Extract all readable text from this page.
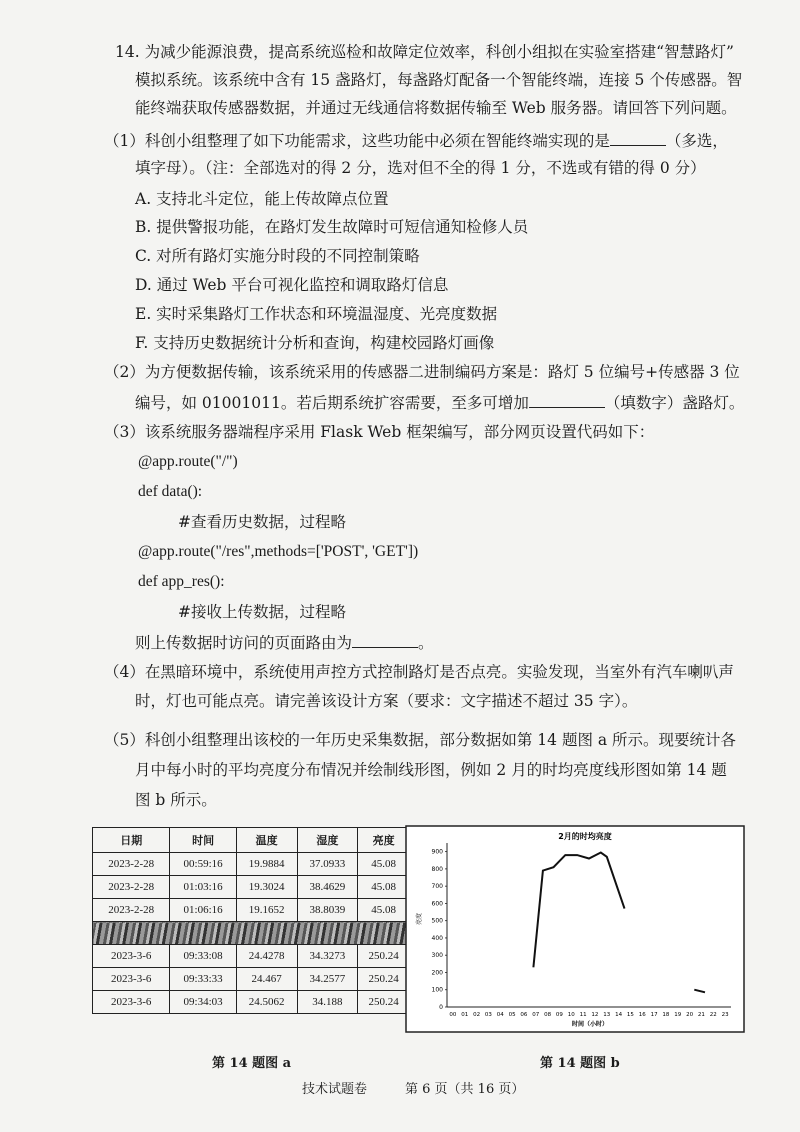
14. 为减少能源浪费，提高系统巡检和故障定位效率，科创小组拟在实验室搭建“智慧路灯”
模拟系统。该系统中含有 15 盏路灯，每盏路灯配备一个智能终端，连接 5 个传感器。智
能终端获取传感器数据，并通过无线通信将数据传输至 Web 服务器。请回答下列问题。
（1）科创小组整理了如下功能需求，这些功能中必须在智能终端实现的是	（多选，
填字母）。（注：全部选对的得 2 分，选对但不全的得 1 分，不选或有错的得 0 分）
A. 支持北斗定位，能上传故障点位置
B. 提供警报功能，在路灯发生故障时可短信通知检修人员
C. 对所有路灯实施分时段的不同控制策略
D. 通过 Web 平台可视化监控和调取路灯信息
E. 实时采集路灯工作状态和环境温湿度、光亮度数据
F. 支持历史数据统计分析和查询，构建校园路灯画像
（2）为方便数据传输，该系统采用的传感器二进制编码方案是：路灯 5 位编号+传感器 3 位
编号，如 01001011。若后期系统扩容需要，至多可增加	（填数字）盏路灯。
（3）该系统服务器端程序采用 Flask Web 框架编写，部分网页设置代码如下：
@app.route("/")
def data():
#查看历史数据，过程略
@app.route("/res",methods=['POST', 'GET'])
def app_res():
#接收上传数据，过程略
则上传数据时访问的页面路由为	。
（4）在黑暗环境中，系统使用声控方式控制路灯是否点亮。实验发现，当室外有汽车喇叭声
时，灯也可能点亮。请完善该设计方案（要求：文字描述不超过 35 字）。
（5）科创小组整理出该校的一年历史采集数据，部分数据如第 14 题图 a 所示。现要统计各
月中每小时的平均亮度分布情况并绘制线形图，例如 2 月的时均亮度线形图如第 14 题
图 b 所示。
日期	时间	温度	湿度	亮度
2023-2-28	00:59:16	19.9884	37.0933	45.08
2023-2-28	01:03:16	19.3024	38.4629	45.08
2023-2-28	01:06:16	19.1652	38.8039	45.08

2023-3-6	09:33:08	24.4278	34.3273	250.24
2023-3-6	09:33:33	24.467	34.2577	250.24
2023-3-6	09:34:03	24.5062	34.188	250.24
2月的时均亮度
亮度
时间（小时）
0
100
200
300
400
500
600
700
800
900
00 01 02 03 04 05 06 07 08 09 10 11 12 13 14 15 16 17 18 19 20 21 22 23
第 14 题图 a	第 14 题图 b
技术试题卷	第 6 页（共 16 页）
